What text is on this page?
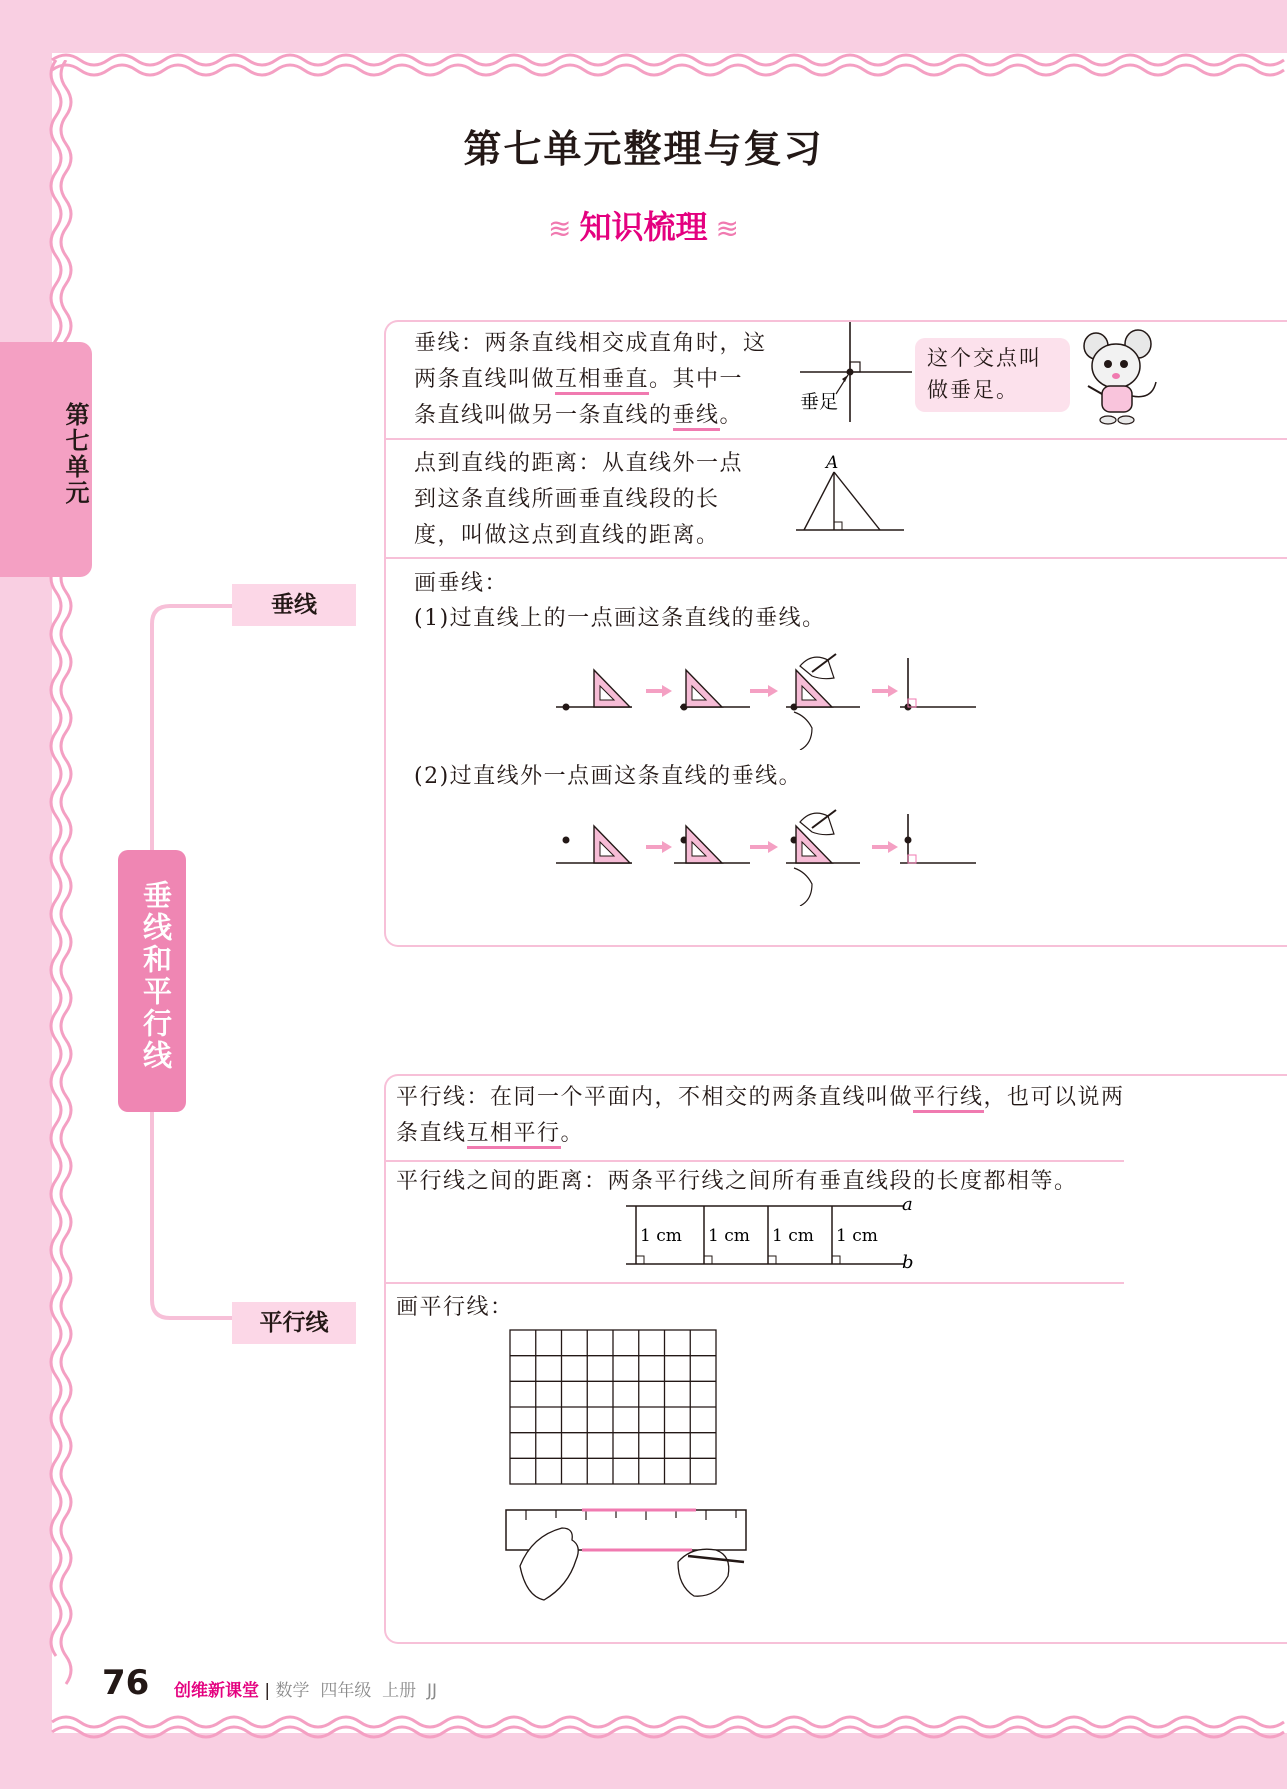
第七单元整理与复习
≋ 知识梳理 ≋
第七单元
垂线和平行线
垂线
平行线
垂线：两条直线相交成直角时，这
两条直线叫做互相垂直。其中一
条直线叫做另一条直线的垂线。
垂足
这个交点叫
做垂足。
点到直线的距离：从直线外一点
到这条直线所画垂直线段的长
度，叫做这点到直线的距离。
A
画垂线：
(1)过直线上的一点画这条直线的垂线。
(2)过直线外一点画这条直线的垂线。
平行线：在同一个平面内，不相交的两条直线叫做平行线，也可以说两
条直线互相平行。
平行线之间的距离：两条平行线之间所有垂直线段的长度都相等。
a
b
1 cm 1 cm 1 cm 1 cm
画平行线：
76 创维新课堂 | 数学 四年级 上册 JJ
